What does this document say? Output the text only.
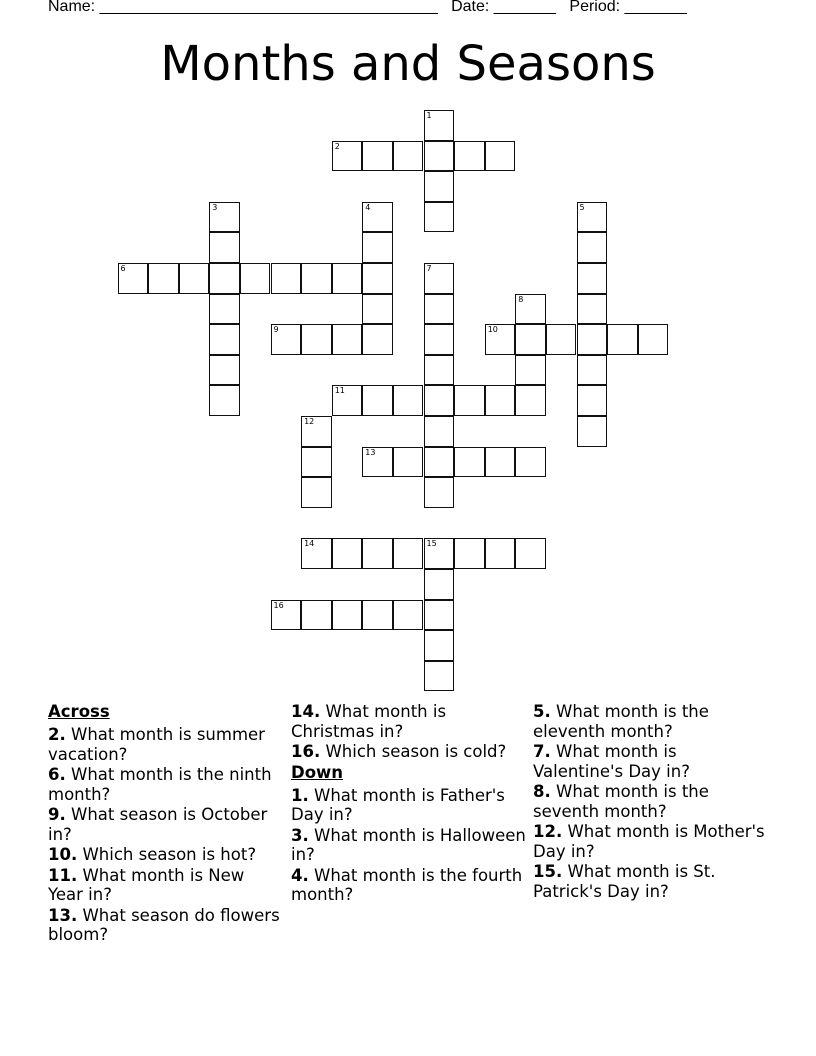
Name: ______________________________________ Date: _______ Period: _______
Months and Seasons
1
2
3	4	5
6	7
8
9	10
11
12
13
14	15
16
Across
2. What month is summer vacation?
6. What month is the ninth month?
9. What season is October in?
10. Which season is hot?
11. What month is New Year in?
13. What season do flowers bloom?
14. What month is Christmas in?
16. Which season is cold?
Down
1. What month is Father's Day in?
3. What month is Halloween in?
4. What month is the fourth month?
5. What month is the eleventh month?
7. What month is Valentine's Day in?
8. What month is the seventh month?
12. What month is Mother's Day in?
15. What month is St. Patrick's Day in?
